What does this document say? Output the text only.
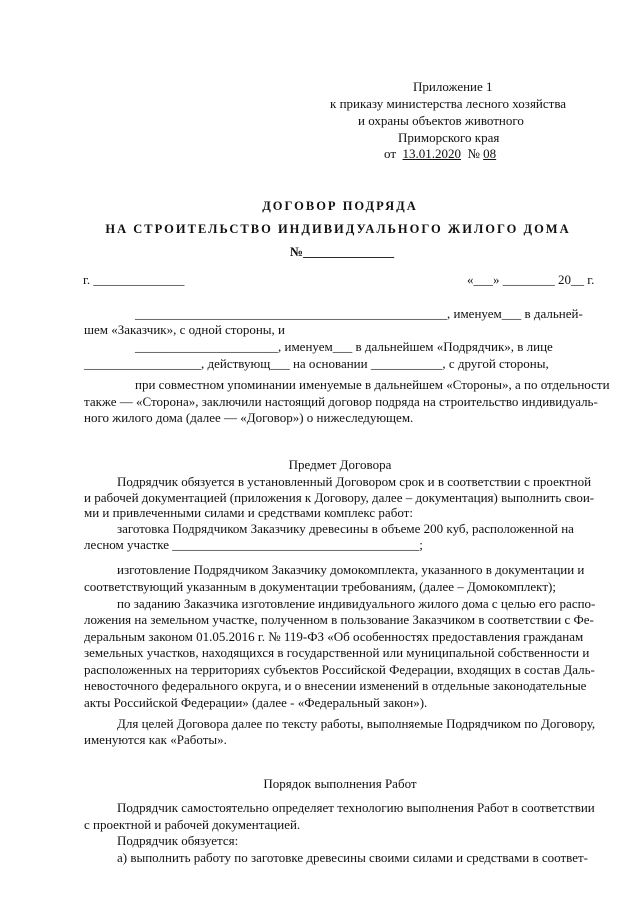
Приложение 1
к приказу министерства лесного хозяйства
и охраны объектов животного
Приморского края
от 13.01.2020 № 08
ДОГОВОР ПОДРЯДА
НА СТРОИТЕЛЬСТВО ИНДИВИДУАЛЬНОГО ЖИЛОГО ДОМА
№______________
г. ______________	«___» ________ 20__ г.
________________________________________________, именуем___ в дальней-
шем «Заказчик», с одной стороны, и
______________________, именуем___ в дальнейшем «Подрядчик», в лице
__________________, действующ___ на основании ___________, с другой стороны,
при совместном упоминании именуемые в дальнейшем «Стороны», а по отдельности
также — «Сторона», заключили настоящий договор подряда на строительство индивидуаль-
ного жилого дома (далее — «Договор») о нижеследующем.
Предмет Договора
Подрядчик обязуется в установленный Договором срок и в соответствии с проектной
и рабочей документацией (приложения к Договору, далее – документация) выполнить свои-
ми и привлеченными силами и средствами комплекс работ:
заготовка Подрядчиком Заказчику древесины в объеме 200 куб, расположенной на
лесном участке ______________________________________;
изготовление Подрядчиком Заказчику домокомплекта, указанного в документации и
соответствующий указанным в документации требованиям, (далее – Домокомплект);
по заданию Заказчика изготовление индивидуального жилого дома с целью его распо-
ложения на земельном участке, полученном в пользование Заказчиком в соответствии с Фе-
деральным законом 01.05.2016 г. № 119-ФЗ «Об особенностях предоставления гражданам
земельных участков, находящихся в государственной или муниципальной собственности и
расположенных на территориях субъектов Российской Федерации, входящих в состав Даль-
невосточного федерального округа, и о внесении изменений в отдельные законодательные
акты Российской Федерации» (далее - «Федеральный закон»).
Для целей Договора далее по тексту работы, выполняемые Подрядчиком по Договору,
именуются как «Работы».
Порядок выполнения Работ
Подрядчик самостоятельно определяет технологию выполнения Работ в соответствии
с проектной и рабочей документацией.
Подрядчик обязуется:
а) выполнить работу по заготовке древесины своими силами и средствами в соответ-
